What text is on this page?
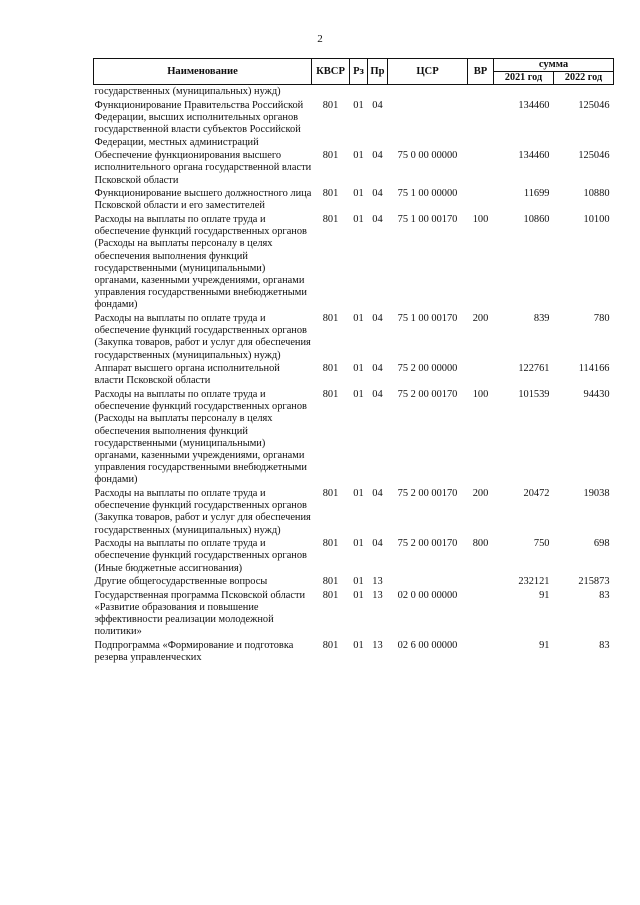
2
Наименование	КВСР	Рз	Пр	ЦСР	ВР	сумма	
						2021 год	2022 год
государственных (муниципальных) нужд)							
Функционирование Правительства Российской Федерации, высших исполнительных органов государственной власти субъектов Российской Федерации, местных администраций	801	01	04			134460	125046
Обеспечение функционирования высшего исполнительного органа государственной власти Псковской области	801	01	04	75 0 00 00000		134460	125046
Функционирование высшего должностного лица Псковской области и его заместителей	801	01	04	75 1 00 00000		11699	10880
Расходы на выплаты по оплате труда и обеспечение функций государственных органов (Расходы на выплаты персоналу в целях обеспечения выполнения функций государственными (муниципальными) органами, казенными учреждениями, органами управления государственными внебюджетными фондами)	801	01	04	75 1 00 00170	100	10860	10100
Расходы на выплаты по оплате труда и обеспечение функций государственных органов (Закупка товаров, работ и услуг для обеспечения государственных (муниципальных) нужд)	801	01	04	75 1 00 00170	200	839	780
Аппарат высшего органа исполнительной власти Псковской области	801	01	04	75 2 00 00000		122761	114166
Расходы на выплаты по оплате труда и обеспечение функций государственных органов (Расходы на выплаты персоналу в целях обеспечения выполнения функций государственными (муниципальными) органами, казенными учреждениями, органами управления государственными внебюджетными фондами)	801	01	04	75 2 00 00170	100	101539	94430
Расходы на выплаты по оплате труда и обеспечение функций государственных органов (Закупка товаров, работ и услуг для обеспечения государственных (муниципальных) нужд)	801	01	04	75 2 00 00170	200	20472	19038
Расходы на выплаты по оплате труда и обеспечение функций государственных органов (Иные бюджетные ассигнования)	801	01	04	75 2 00 00170	800	750	698
Другие общегосударственные вопросы	801	01	13			232121	215873
Государственная программа Псковской области «Развитие образования и повышение эффективности реализации молодежной политики»	801	01	13	02 0 00 00000		91	83
Подпрограмма «Формирование и подготовка резерва управленческих	801	01	13	02 6 00 00000		91	83
